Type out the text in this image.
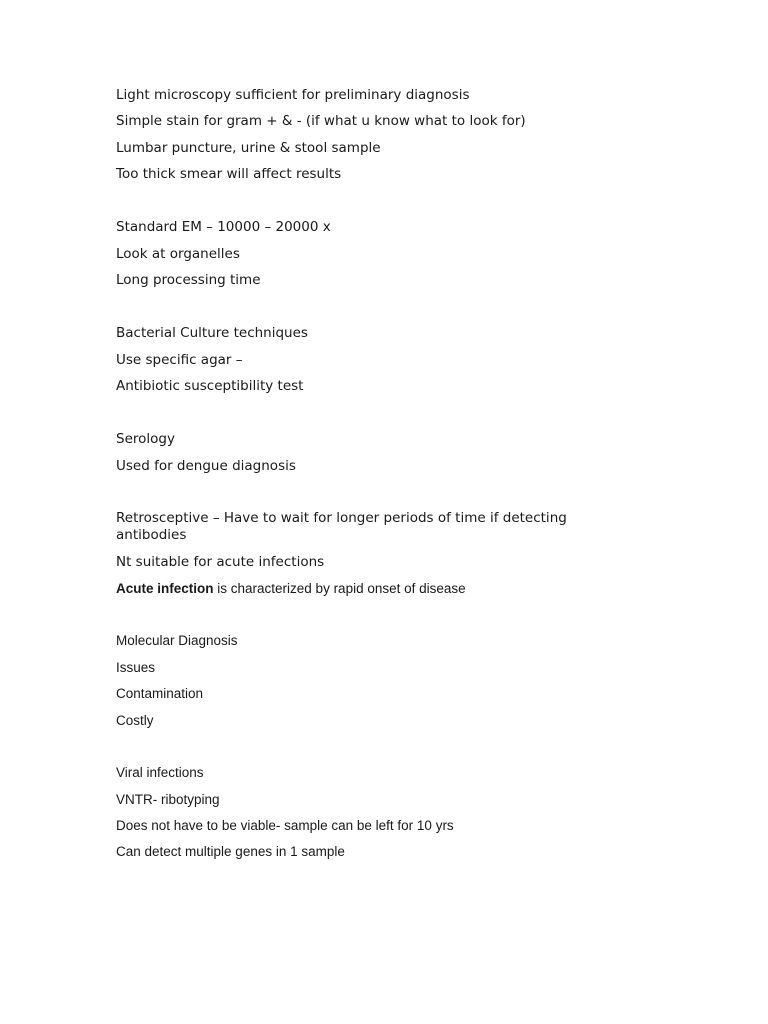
Light microscopy sufficient for preliminary diagnosis
Simple stain for gram + & - (if what u know what to look for)
Lumbar puncture, urine & stool sample
Too thick smear will affect results
Standard EM – 10000 – 20000 x
Look at organelles
Long processing time
Bacterial Culture techniques
Use specific agar –
Antibiotic susceptibility test
Serology
Used for dengue diagnosis
Retrosceptive – Have to wait for longer periods of time if detecting antibodies
Nt suitable for acute infections
Acute infection is characterized by rapid onset of disease
Molecular Diagnosis
Issues
Contamination
Costly
Viral infections
VNTR- ribotyping
Does not have to be viable- sample can be left for 10 yrs
Can detect multiple genes in 1 sample
